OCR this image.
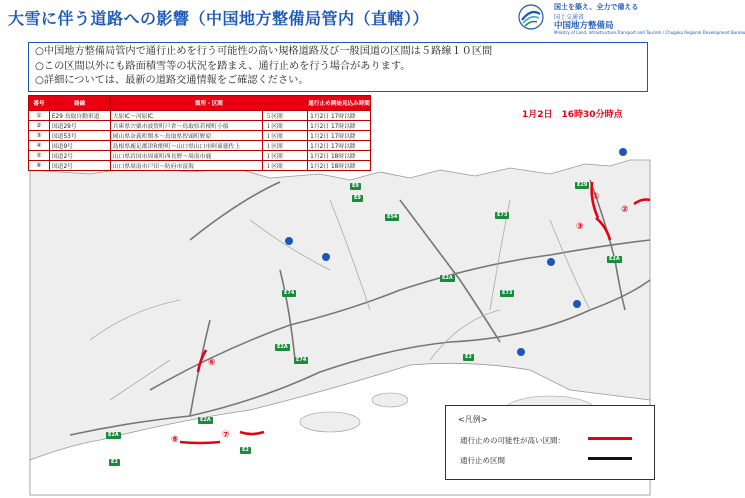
大雪に伴う道路への影響（中国地方整備局管内（直轄））
国土を築え、全力で備える
国土交通省
中国地方整備局
Ministry of Land, Infrastructure,Transport and Tourism / Chugoku Regional Development Bureau
○中国地方整備局管内で通行止めを行う可能性の高い規格道路及び一般国道の区間は５路線１０区間
○この区間以外にも路面積雪等の状況を踏まえ、通行止めを行う場合があります。
○詳細については、最新の道路交通情報をご確認ください。
E9
E9
E54	E73
E29
E2A
E74
E2A
E73
E2A
E74	E2
E2A
E2A
E2
E2
①
②
③
⑥
⑦
⑧
番号	路線	箇所・区間		通行止め開始見込み時間
①	E29 鳥取自動車道	大原IC～河原IC	５区間	1月2日 17時以降
②	国道29号	兵庫県宍粟市波賀町戸倉～鳥取県若桜町小船	１区間	1月2日 17時以降
③	国道53号	岡山県奈義町関本～鳥取県智頭町野原	１区間	1月2日 17時以降
④	国道9号	島根県鹿足郡津和野町～山口県山口市阿東徳佐上	１区間	1月2日 17時以降
⑤	国道2号	山口県岩国市周東町西長野～周南市鹿	１区間	1月2日 18時以降
⑥	国道2号	山口県周南市戸田～防府市富海	１区間	1月2日 18時以降
1月2日　16時30分時点
<凡例>
通行止めの可能性が高い区間：
通行止め区間
